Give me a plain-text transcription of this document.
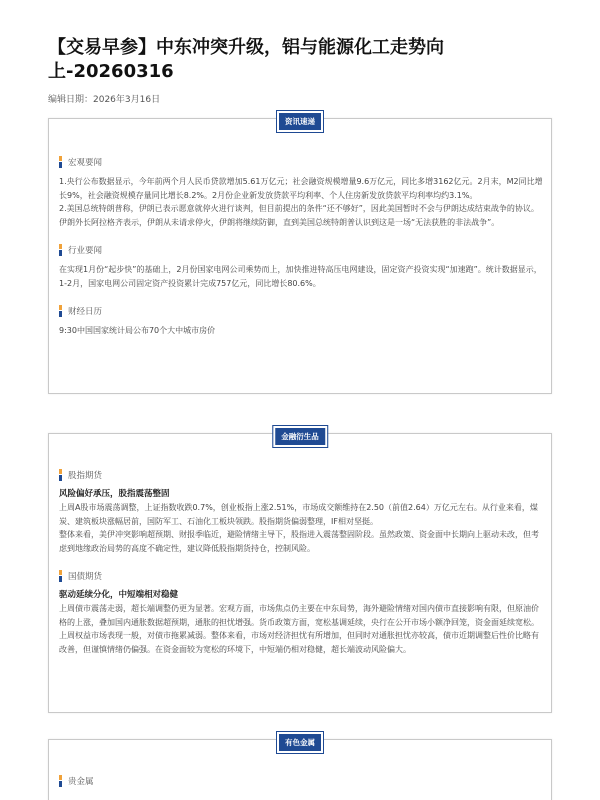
【交易早参】中东冲突升级，铝与能源化工走势向上-20260316
编辑日期：2026年3月16日
资讯速递
宏观要闻

1.央行公布数据显示，今年前两个月人民币贷款增加5.61万亿元；社会融资规模增量9.6万亿元，同比多增3162亿元。2月末，M2同比增长9%，社会融资规模存量同比增长8.2%。2月份企业新发放贷款平均利率、个人住房新发放贷款平均利率均约3.1%。

2.美国总统特朗普称，伊朗已表示愿意就停火进行谈判，但目前提出的条件“还不够好”，因此美国暂时不会与伊朗达成结束战争的协议。伊朗外长阿拉格齐表示，伊朗从未请求停火，伊朗将继续防御，直到美国总统特朗普认识到这是一场“无法获胜的非法战争”。

行业要闻

在实现1月份“起步快”的基础上，2月份国家电网公司乘势而上，加快推进特高压电网建设，固定资产投资实现“加速跑”。统计数据显示，1-2月，国家电网公司固定资产投资累计完成757亿元，同比增长80.6%。

财经日历

9:30中国国家统计局公布70个大中城市房价

金融衍生品
股指期货
风险偏好承压，股指震荡整固

上周A股市场震荡调整，上证指数收跌0.7%，创业板指上涨2.51%，市场成交额维持在2.50（前值2.64）万亿元左右。从行业来看，煤炭、建筑板块涨幅居前，国防军工、石油化工板块领跌。股指期货偏弱整理，IF相对坚挺。

整体来看，美伊冲突影响超预期、财报季临近，避险情绪主导下，股指进入震荡整固阶段。虽然政策、资金面中长期向上驱动未改，但考虑到地缘政治局势的高度不确定性，建议降低股指期货持仓，控制风险。

国债期货
驱动延续分化，中短端相对稳健

上周债市震荡走弱，超长端调整仍更为显著。宏观方面，市场焦点仍主要在中东局势，海外避险情绪对国内债市直接影响有限，但原油价格的上涨，叠加国内通胀数据超预期，通胀的担忧增强。货币政策方面，宽松基调延续，央行在公开市场小额净回笼，资金面延续宽松。上周权益市场表现一般，对债市拖累减弱。整体来看，市场对经济担忧有所增加，但同时对通胀担忧亦较高，债市近期调整后性价比略有改善，但谨慎情绪仍偏强。在资金面较为宽松的环境下，中短端仍相对稳健，超长端波动风险偏大。

有色金属
贵金属
